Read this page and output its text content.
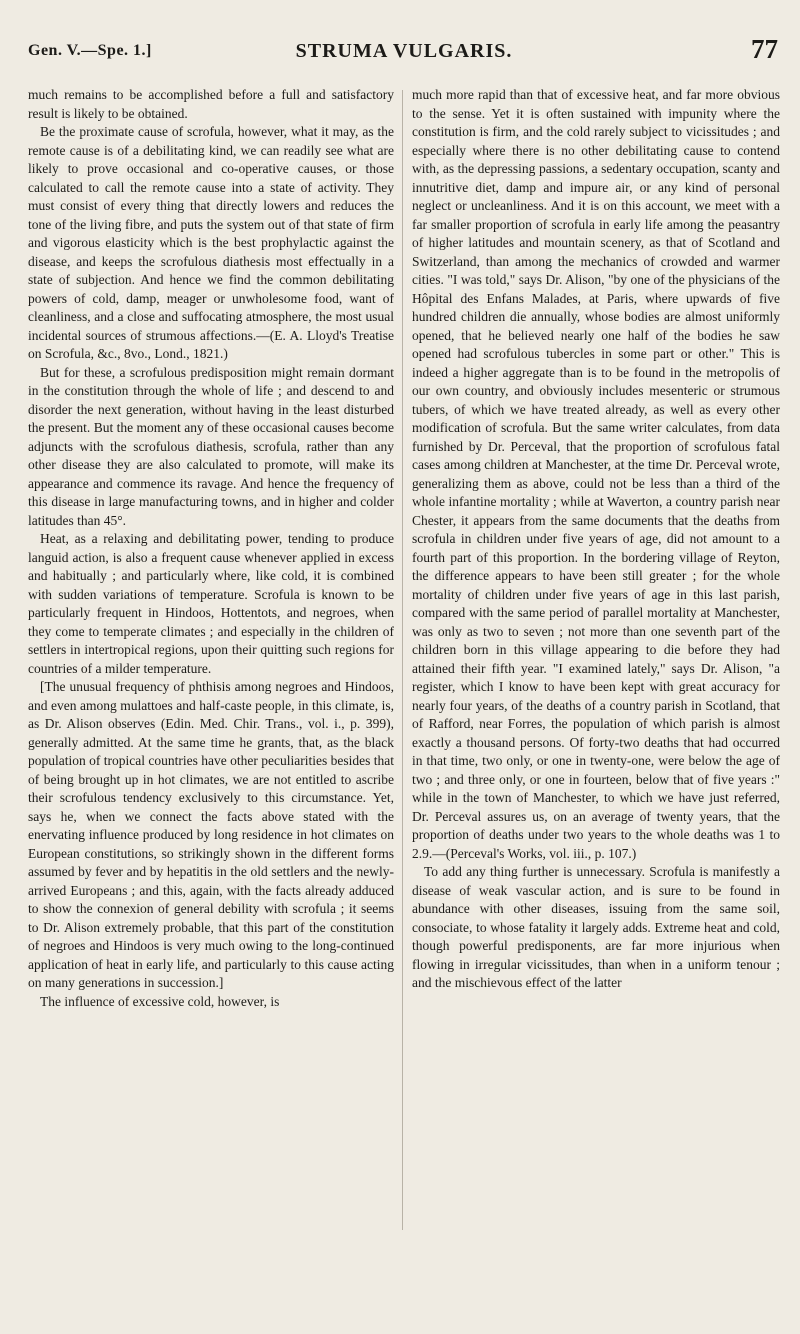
Gen. V.—Spe. 1.]	STRUMA VULGARIS.	77

much remains to be accomplished before a full and satisfactory result is likely to be obtained.

Be the proximate cause of scrofula, however, what it may, as the remote cause is of a debilitating kind, we can readily see what are likely to prove occasional and co-operative causes, or those calculated to call the remote cause into a state of activity. They must consist of every thing that directly lowers and reduces the tone of the living fibre, and puts the system out of that state of firm and vigorous elasticity which is the best prophylactic against the disease, and keeps the scrofulous diathesis most effectually in a state of subjection. And hence we find the common debilitating powers of cold, damp, meager or unwholesome food, want of cleanliness, and a close and suffocating atmosphere, the most usual incidental sources of strumous affections.—(E. A. Lloyd's Treatise on Scrofula, &c., 8vo., Lond., 1821.)

But for these, a scrofulous predisposition might remain dormant in the constitution through the whole of life ; and descend to and disorder the next generation, without having in the least disturbed the present. But the moment any of these occasional causes become adjuncts with the scrofulous diathesis, scrofula, rather than any other disease they are also calculated to promote, will make its appearance and commence its ravage. And hence the frequency of this disease in large manufacturing towns, and in higher and colder latitudes than 45°.

Heat, as a relaxing and debilitating power, tending to produce languid action, is also a frequent cause whenever applied in excess and habitually ; and particularly where, like cold, it is combined with sudden variations of temperature. Scrofula is known to be particularly frequent in Hindoos, Hottentots, and negroes, when they come to temperate climates ; and especially in the children of settlers in intertropical regions, upon their quitting such regions for countries of a milder temperature.

[The unusual frequency of phthisis among negroes and Hindoos, and even among mulattoes and half-caste people, in this climate, is, as Dr. Alison observes (Edin. Med. Chir. Trans., vol. i., p. 399), generally admitted. At the same time he grants, that, as the black population of tropical countries have other peculiarities besides that of being brought up in hot climates, we are not entitled to ascribe their scrofulous tendency exclusively to this circumstance. Yet, says he, when we connect the facts above stated with the enervating influence produced by long residence in hot climates on European constitutions, so strikingly shown in the different forms assumed by fever and by hepatitis in the old settlers and the newly-arrived Europeans ; and this, again, with the facts already adduced to show the connexion of general debility with scrofula ; it seems to Dr. Alison extremely probable, that this part of the constitution of negroes and Hindoos is very much owing to the long-continued application of heat in early life, and particularly to this cause acting on many generations in succession.]

The influence of excessive cold, however, is

much more rapid than that of excessive heat, and far more obvious to the sense. Yet it is often sustained with impunity where the constitution is firm, and the cold rarely subject to vicissitudes ; and especially where there is no other debilitating cause to contend with, as the depressing passions, a sedentary occupation, scanty and innutritive diet, damp and impure air, or any kind of personal neglect or uncleanliness. And it is on this account, we meet with a far smaller proportion of scrofula in early life among the peasantry of higher latitudes and mountain scenery, as that of Scotland and Switzerland, than among the mechanics of crowded and warmer cities. "I was told," says Dr. Alison, "by one of the physicians of the Hôpital des Enfans Malades, at Paris, where upwards of five hundred children die annually, whose bodies are almost uniformly opened, that he believed nearly one half of the bodies he saw opened had scrofulous tubercles in some part or other." This is indeed a higher aggregate than is to be found in the metropolis of our own country, and obviously includes mesenteric or strumous tubers, of which we have treated already, as well as every other modification of scrofula. But the same writer calculates, from data furnished by Dr. Perceval, that the proportion of scrofulous fatal cases among children at Manchester, at the time Dr. Perceval wrote, generalizing them as above, could not be less than a third of the whole infantine mortality ; while at Waverton, a country parish near Chester, it appears from the same documents that the deaths from scrofula in children under five years of age, did not amount to a fourth part of this proportion. In the bordering village of Reyton, the difference appears to have been still greater ; for the whole mortality of children under five years of age in this last parish, compared with the same period of parallel mortality at Manchester, was only as two to seven ; not more than one seventh part of the children born in this village appearing to die before they had attained their fifth year. "I examined lately," says Dr. Alison, "a register, which I know to have been kept with great accuracy for nearly four years, of the deaths of a country parish in Scotland, that of Rafford, near Forres, the population of which parish is almost exactly a thousand persons. Of forty-two deaths that had occurred in that time, two only, or one in twenty-one, were below the age of two ; and three only, or one in fourteen, below that of five years :" while in the town of Manchester, to which we have just referred, Dr. Perceval assures us, on an average of twenty years, that the proportion of deaths under two years to the whole deaths was 1 to 2.9.—(Perceval's Works, vol. iii., p. 107.)

To add any thing further is unnecessary. Scrofula is manifestly a disease of weak vascular action, and is sure to be found in abundance with other diseases, issuing from the same soil, consociate, to whose fatality it largely adds. Extreme heat and cold, though powerful predisponents, are far more injurious when flowing in irregular vicissitudes, than when in a uniform tenour ; and the mischievous effect of the latter
